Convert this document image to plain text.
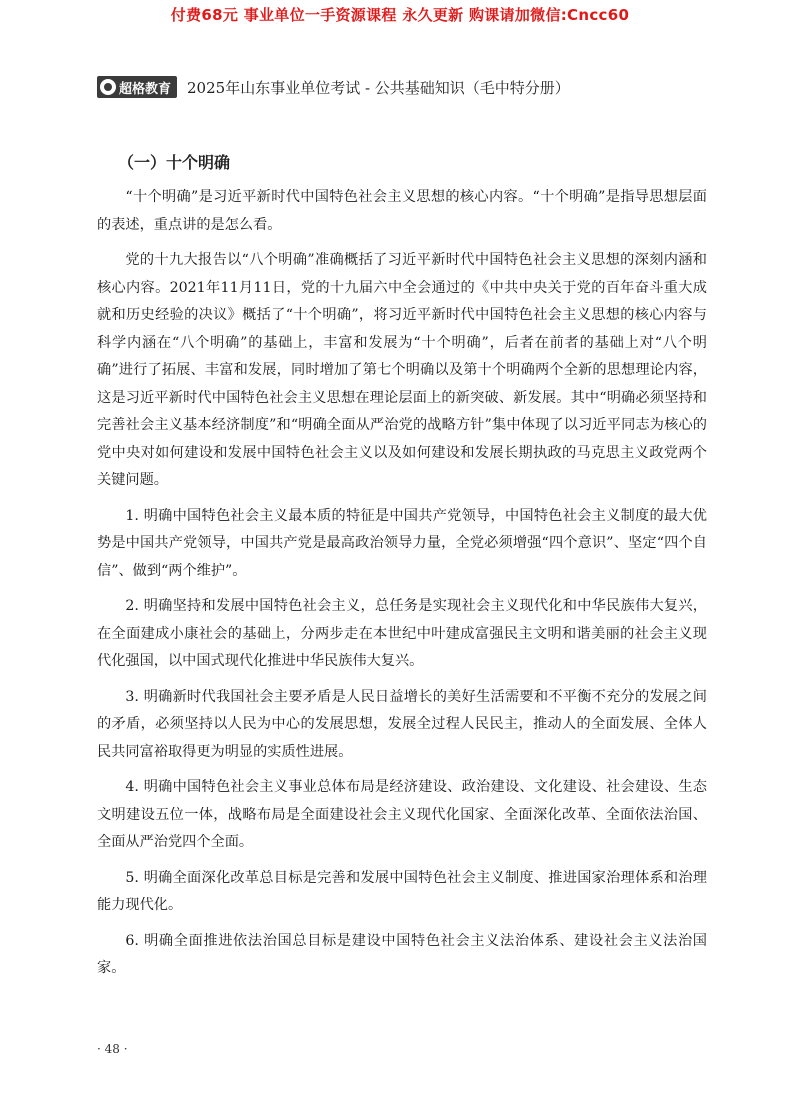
付费68元 事业单位一手资源课程 永久更新 购课请加微信:Cncc60
超格教育 2025年山东事业单位考试 - 公共基础知识（毛中特分册）
（一）十个明确

“十个明确”是习近平新时代中国特色社会主义思想的核心内容。“十个明确”是指导思想层面的表述，重点讲的是怎么看。

党的十九大报告以“八个明确”准确概括了习近平新时代中国特色社会主义思想的深刻内涵和核心内容。2021年11月11日，党的十九届六中全会通过的《中共中央关于党的百年奋斗重大成就和历史经验的决议》概括了“十个明确”，将习近平新时代中国特色社会主义思想的核心内容与科学内涵在“八个明确”的基础上，丰富和发展为“十个明确”，后者在前者的基础上对“八个明确”进行了拓展、丰富和发展，同时增加了第七个明确以及第十个明确两个全新的思想理论内容，这是习近平新时代中国特色社会主义思想在理论层面上的新突破、新发展。其中“明确必须坚持和完善社会主义基本经济制度”和“明确全面从严治党的战略方针”集中体现了以习近平同志为核心的党中央对如何建设和发展中国特色社会主义以及如何建设和发展长期执政的马克思主义政党两个关键问题。

1. 明确中国特色社会主义最本质的特征是中国共产党领导，中国特色社会主义制度的最大优势是中国共产党领导，中国共产党是最高政治领导力量，全党必须增强“四个意识”、坚定“四个自信”、做到“两个维护”。

2. 明确坚持和发展中国特色社会主义，总任务是实现社会主义现代化和中华民族伟大复兴，在全面建成小康社会的基础上，分两步走在本世纪中叶建成富强民主文明和谐美丽的社会主义现代化强国，以中国式现代化推进中华民族伟大复兴。

3. 明确新时代我国社会主要矛盾是人民日益增长的美好生活需要和不平衡不充分的发展之间的矛盾，必须坚持以人民为中心的发展思想，发展全过程人民民主，推动人的全面发展、全体人民共同富裕取得更为明显的实质性进展。

4. 明确中国特色社会主义事业总体布局是经济建设、政治建设、文化建设、社会建设、生态文明建设五位一体，战略布局是全面建设社会主义现代化国家、全面深化改革、全面依法治国、全面从严治党四个全面。

5. 明确全面深化改革总目标是完善和发展中国特色社会主义制度、推进国家治理体系和治理能力现代化。

6. 明确全面推进依法治国总目标是建设中国特色社会主义法治体系、建设社会主义法治国家。

· 48 ·
